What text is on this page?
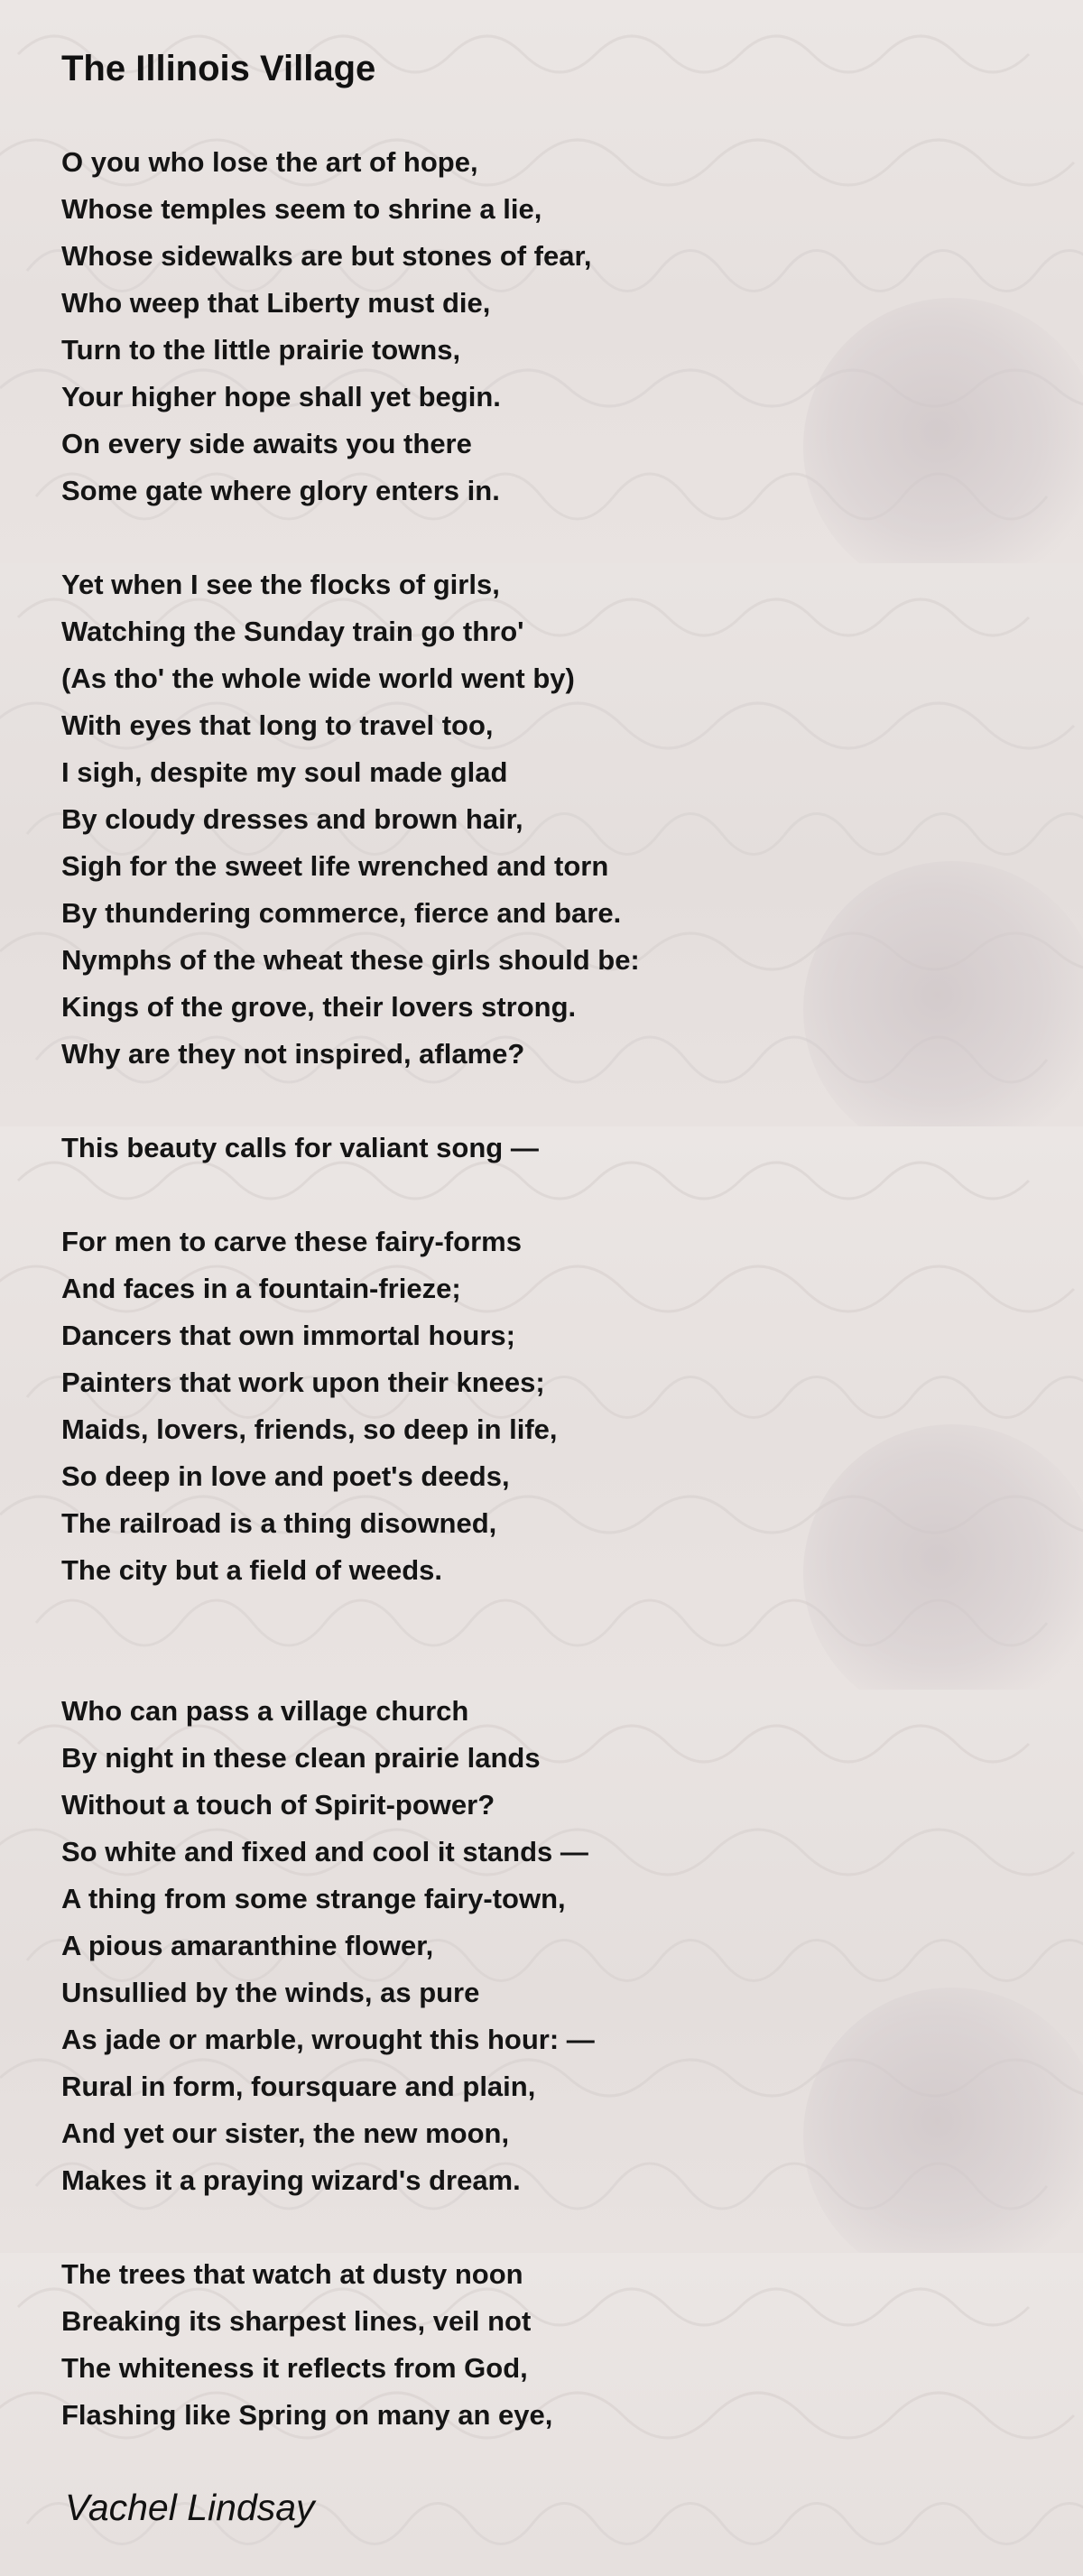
The Illinois Village
O you who lose the art of hope,
Whose temples seem to shrine a lie,
Whose sidewalks are but stones of fear,
Who weep that Liberty must die,
Turn to the little prairie towns,
Your higher hope shall yet begin.
On every side awaits you there
Some gate where glory enters in.
Yet when I see the flocks of girls,
Watching the Sunday train go thro'
(As tho' the whole wide world went by)
With eyes that long to travel too,
I sigh, despite my soul made glad
By cloudy dresses and brown hair,
Sigh for the sweet life wrenched and torn
By thundering commerce, fierce and bare.
Nymphs of the wheat these girls should be:
Kings of the grove, their lovers strong.
Why are they not inspired, aflame?
This beauty calls for valiant song —
For men to carve these fairy-forms
And faces in a fountain-frieze;
Dancers that own immortal hours;
Painters that work upon their knees;
Maids, lovers, friends, so deep in life,
So deep in love and poet's deeds,
The railroad is a thing disowned,
The city but a field of weeds.
Who can pass a village church
By night in these clean prairie lands
Without a touch of Spirit-power?
So white and fixed and cool it stands —
A thing from some strange fairy-town,
A pious amaranthine flower,
Unsullied by the winds, as pure
As jade or marble, wrought this hour: —
Rural in form, foursquare and plain,
And yet our sister, the new moon,
Makes it a praying wizard's dream.
The trees that watch at dusty noon
Breaking its sharpest lines, veil not
The whiteness it reflects from God,
Flashing like Spring on many an eye,
Vachel Lindsay
